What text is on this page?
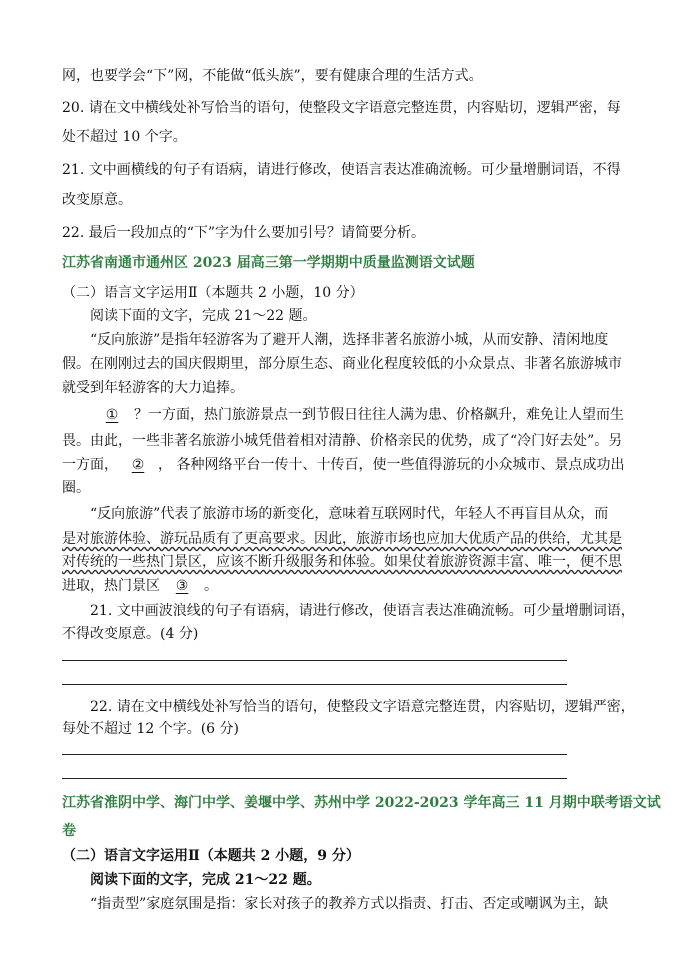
网，也要学会“下”网，不能做“低头族”，要有健康合理的生活方式。
20. 请在文中横线处补写恰当的语句，使整段文字语意完整连贯，内容贴切，逻辑严密，每
处不超过 10 个字。
21. 文中画横线的句子有语病，请进行修改，使语言表达准确流畅。可少量增删词语，不得
改变原意。
22. 最后一段加点的“下”字为什么要加引号？请简要分析。
江苏省南通市通州区 2023 届高三第一学期期中质量监测语文试题
（二）语言文字运用Ⅱ（本题共 2 小题，10 分）
阅读下面的文字，完成 21～22 题。
“反向旅游”是指年轻游客为了避开人潮，选择非著名旅游小城，从而安静、清闲地度
假。在刚刚过去的国庆假期里，部分原生态、商业化程度较低的小众景点、非著名旅游城市
就受到年轻游客的大力追捧。
① ？一方面，热门旅游景点一到节假日往往人满为患、价格飙升，难免让人望而生
畏。由此，一些非著名旅游小城凭借着相对清静、价格亲民的优势，成了“冷门好去处”。另
一方面， ② ， 各种网络平台一传十、十传百，使一些值得游玩的小众城市、景点成功出
圈。
“反向旅游”代表了旅游市场的新变化，意味着互联网时代，年轻人不再盲目从众，而
是对旅游体验、游玩品质有了更高要求。因此，旅游市场也应加大优质产品的供给，尤其是
对传统的一些热门景区，应该不断升级服务和体验。如果仗着旅游资源丰富、唯一，便不思
进取，热门景区 ③ 。
21. 文中画波浪线的句子有语病，请进行修改，使语言表达准确流畅。可少量增删词语，
不得改变原意。(4 分)
22. 请在文中横线处补写恰当的语句，使整段文字语意完整连贯，内容贴切，逻辑严密，
每处不超过 12 个字。(6 分)
江苏省淮阴中学、海门中学、姜堰中学、苏州中学 2022-2023 学年高三 11 月期中联考语文试
卷
（二）语言文字运用Ⅱ（本题共 2 小题，9 分）
阅读下面的文字，完成 21～22 题。
“指责型”家庭氛围是指：家长对孩子的教养方式以指责、打击、否定或嘲讽为主，缺
